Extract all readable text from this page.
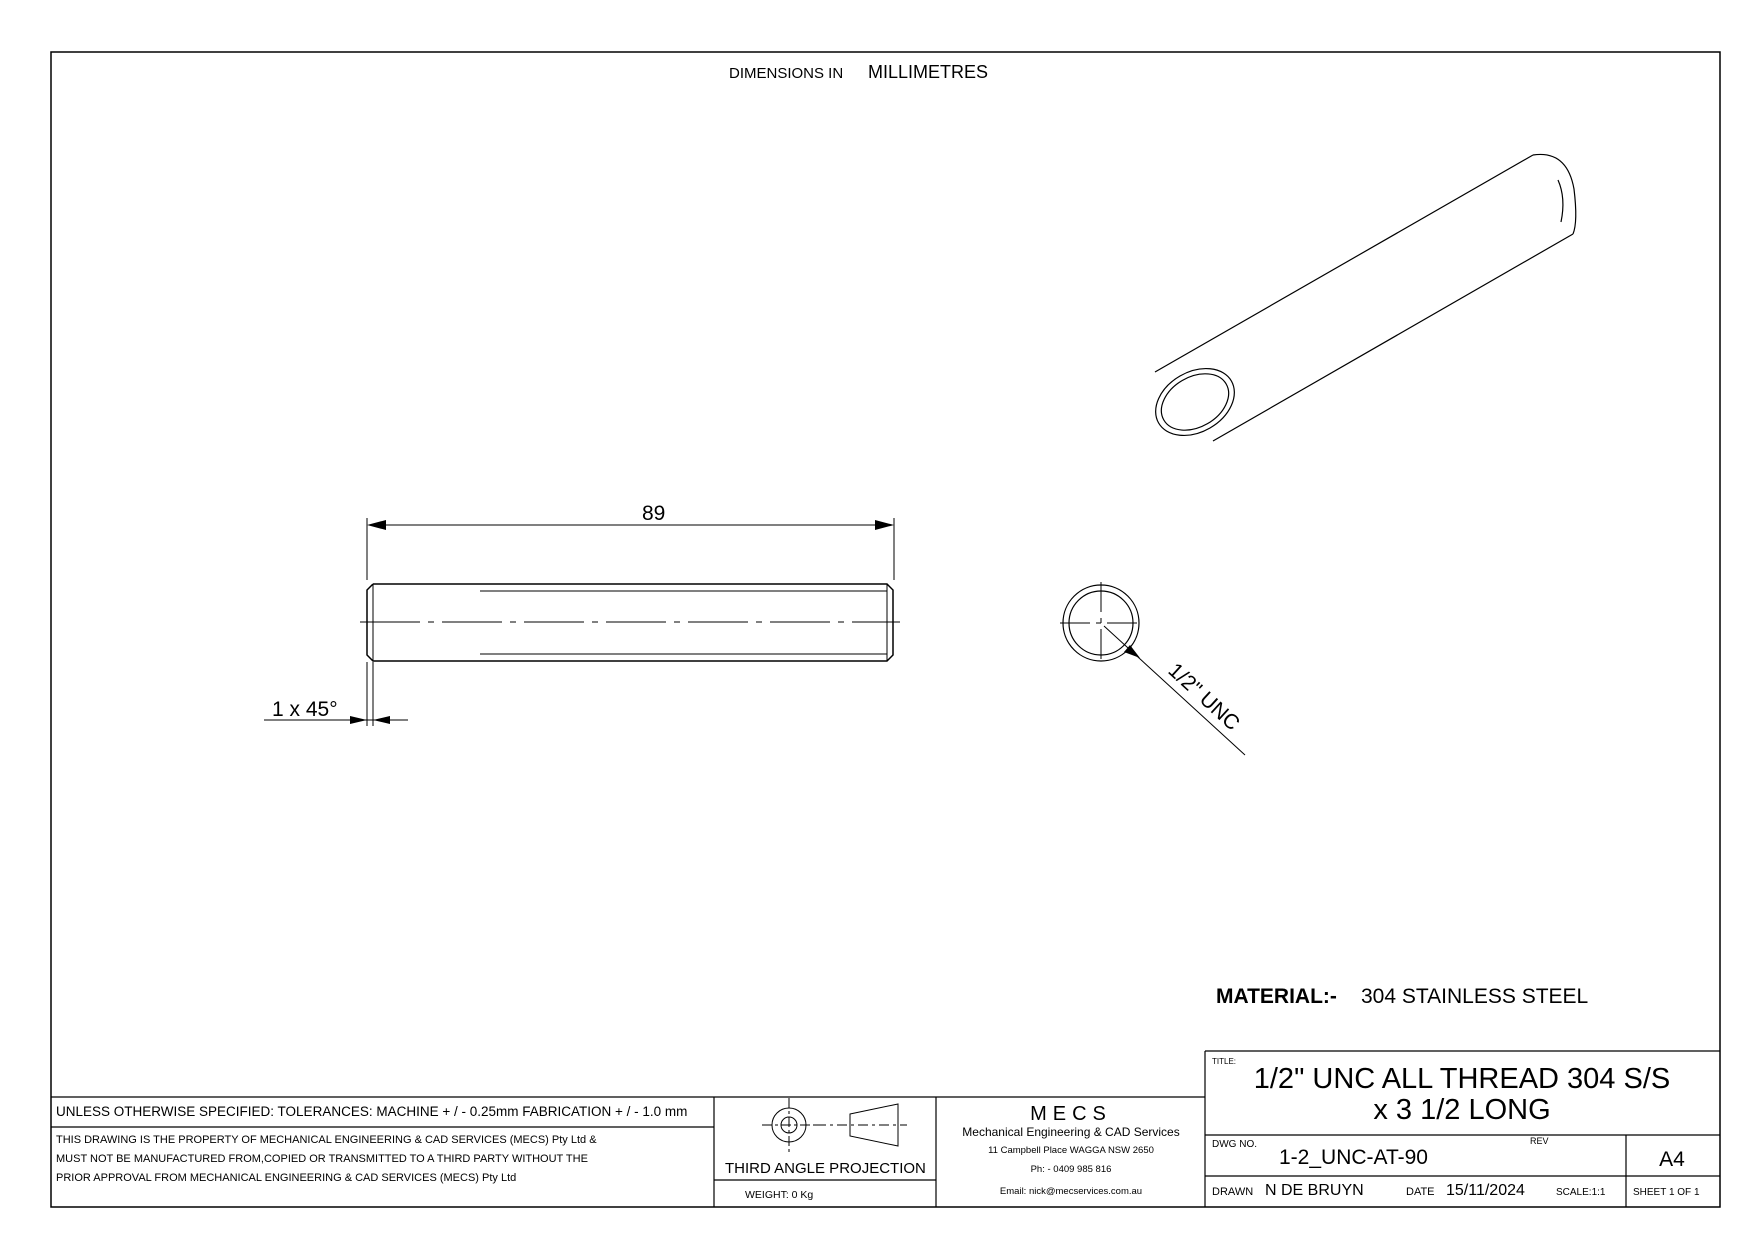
DIMENSIONS IN MILLIMETRES
89
1 x 45°	1/2" UNC
MATERIAL:- 304 STAINLESS STEEL
UNLESS OTHERWISE SPECIFIED: TOLERANCES: MACHINE + / - 0.25mm FABRICATION + / - 1.0 mm
THIS DRAWING IS THE PROPERTY OF MECHANICAL ENGINEERING & CAD SERVICES (MECS) Pty Ltd &
MUST NOT BE MANUFACTURED FROM,COPIED OR TRANSMITTED TO A THIRD PARTY WITHOUT THE
PRIOR APPROVAL FROM MECHANICAL ENGINEERING & CAD SERVICES (MECS) Pty Ltd
THIRD ANGLE PROJECTION
WEIGHT: 0 Kg
MECS
Mechanical Engineering & CAD Services
11 Campbell Place WAGGA NSW 2650
Ph: - 0409 985 816
Email: nick@mecservices.com.au
TITLE:
1/2" UNC ALL THREAD 304 S/S
x 3 1/2 LONG
DWG NO.
1-2_UNC-AT-90
REV
A4
DRAWN N DE BRUYN	DATE 15/11/2024	SCALE:1:1	SHEET 1 OF 1
